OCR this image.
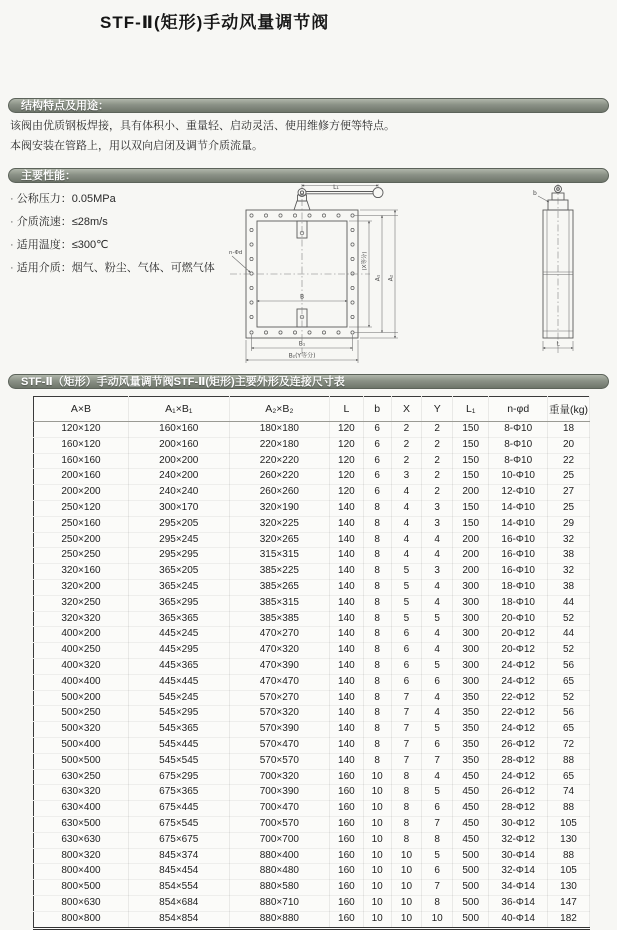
STF-Ⅱ(矩形)手动风量调节阀
结构特点及用途：
该阀由优质钢板焊接，具有体积小、重量轻、启动灵活、使用维修方便等特点。
本阀安装在管路上，用以双向启闭及调节介质流量。
主要性能：
· 公称压力：0.05MPa
· 介质流速：≤28m/s
· 适用温度：≤300℃
· 适用介质：烟气、粉尘、气体、可燃气体
L₁
(X等分)
A₁ A₂
B
B₁
B₂(Y等分)
n-Φd
b
L
STF-Ⅱ（矩形）手动风量调节阀STF-Ⅱ(矩形)主要外形及连接尺寸表
A×B	A₁×B₁	A₂×B₂	L	b	X	Y	L₁	n-φd	重量(kg)
120×120	160×160	180×180	120	6	2	2	150	8-Φ10	18
160×120	200×160	220×180	120	6	2	2	150	8-Φ10	20
160×160	200×200	220×220	120	6	2	2	150	8-Φ10	22
200×160	240×200	260×220	120	6	3	2	150	10-Φ10	25
200×200	240×240	260×260	120	6	4	2	200	12-Φ10	27
250×120	300×170	320×190	140	8	4	3	150	14-Φ10	25
250×160	295×205	320×225	140	8	4	3	150	14-Φ10	29
250×200	295×245	320×265	140	8	4	4	200	16-Φ10	32
250×250	295×295	315×315	140	8	4	4	200	16-Φ10	38
320×160	365×205	385×225	140	8	5	3	200	16-Φ10	32
320×200	365×245	385×265	140	8	5	4	300	18-Φ10	38
320×250	365×295	385×315	140	8	5	4	300	18-Φ10	44
320×320	365×365	385×385	140	8	5	5	300	20-Φ10	52
400×200	445×245	470×270	140	8	6	4	300	20-Φ12	44
400×250	445×295	470×320	140	8	6	4	300	20-Φ12	52
400×320	445×365	470×390	140	8	6	5	300	24-Φ12	56
400×400	445×445	470×470	140	8	6	6	300	24-Φ12	65
500×200	545×245	570×270	140	8	7	4	350	22-Φ12	52
500×250	545×295	570×320	140	8	7	4	350	22-Φ12	56
500×320	545×365	570×390	140	8	7	5	350	24-Φ12	65
500×400	545×445	570×470	140	8	7	6	350	26-Φ12	72
500×500	545×545	570×570	140	8	7	7	350	28-Φ12	88
630×250	675×295	700×320	160	10	8	4	450	24-Φ12	65
630×320	675×365	700×390	160	10	8	5	450	26-Φ12	74
630×400	675×445	700×470	160	10	8	6	450	28-Φ12	88
630×500	675×545	700×570	160	10	8	7	450	30-Φ12	105
630×630	675×675	700×700	160	10	8	8	450	32-Φ12	130
800×320	845×374	880×400	160	10	10	5	500	30-Φ14	88
800×400	845×454	880×480	160	10	10	6	500	32-Φ14	105
800×500	854×554	880×580	160	10	10	7	500	34-Φ14	130
800×630	854×684	880×710	160	10	10	8	500	36-Φ14	147
800×800	854×854	880×880	160	10	10	10	500	40-Φ14	182
